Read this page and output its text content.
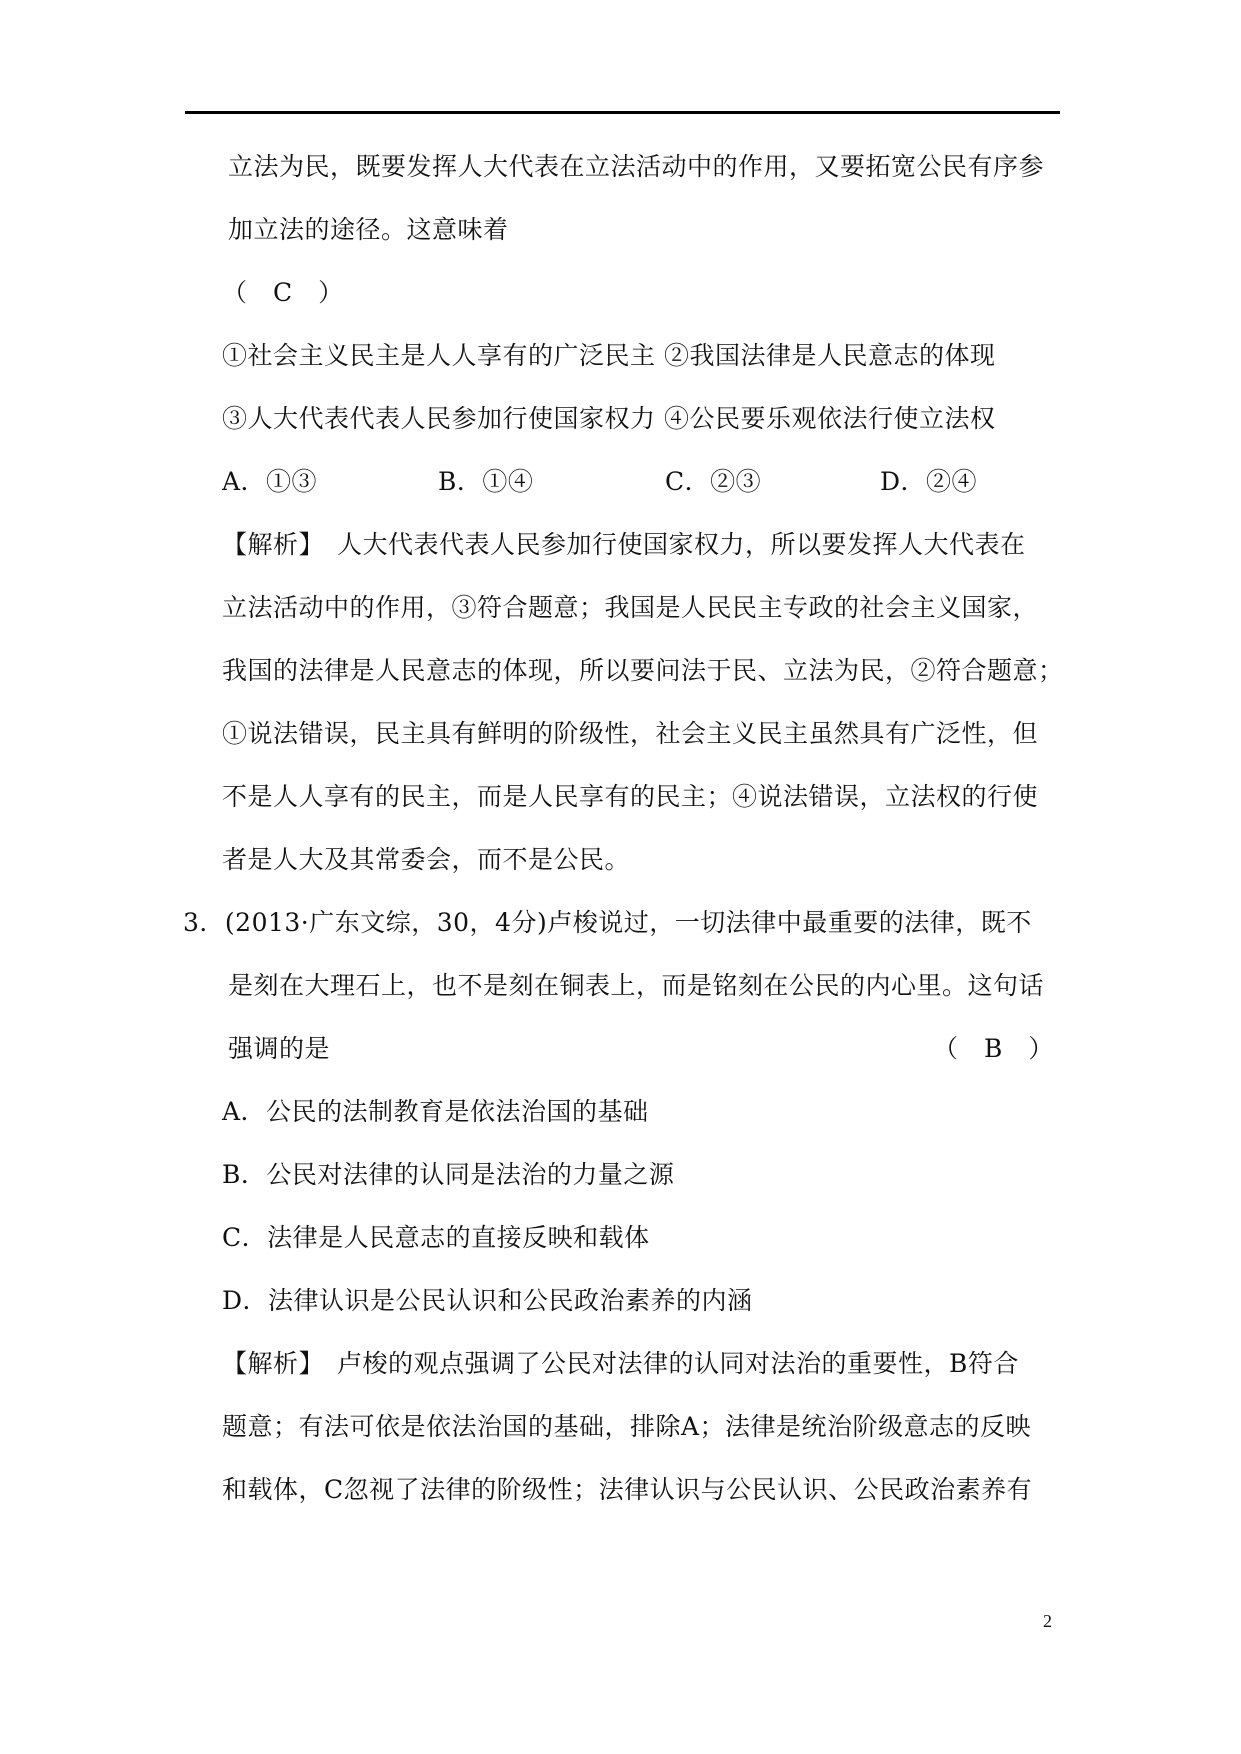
立法为民，既要发挥人大代表在立法活动中的作用，又要拓宽公民有序参
加立法的途径。这意味着
（　C　）
①社会主义民主是人人享有的广泛民主 ②我国法律是人民意志的体现
③人大代表代表人民参加行使国家权力 ④公民要乐观依法行使立法权
A．①③	B．①④	C．②③	D．②④
【解析】　人大代表代表人民参加行使国家权力，所以要发挥人大代表在
立法活动中的作用，③符合题意；我国是人民民主专政的社会主义国家，
我国的法律是人民意志的体现，所以要问法于民、立法为民，②符合题意；
①说法错误，民主具有鲜明的阶级性，社会主义民主虽然具有广泛性，但
不是人人享有的民主，而是人民享有的民主；④说法错误，立法权的行使
者是人大及其常委会，而不是公民。
3．(2013·广东文综，30，4分)卢梭说过，一切法律中最重要的法律，既不
是刻在大理石上，也不是刻在铜表上，而是铭刻在公民的内心里。这句话
强调的是	（　B　）
A．公民的法制教育是依法治国的基础
B．公民对法律的认同是法治的力量之源
C．法律是人民意志的直接反映和载体
D．法律认识是公民认识和公民政治素养的内涵
【解析】　卢梭的观点强调了公民对法律的认同对法治的重要性，B符合
题意；有法可依是依法治国的基础，排除A；法律是统治阶级意志的反映
和载体，C忽视了法律的阶级性；法律认识与公民认识、公民政治素养有
2
